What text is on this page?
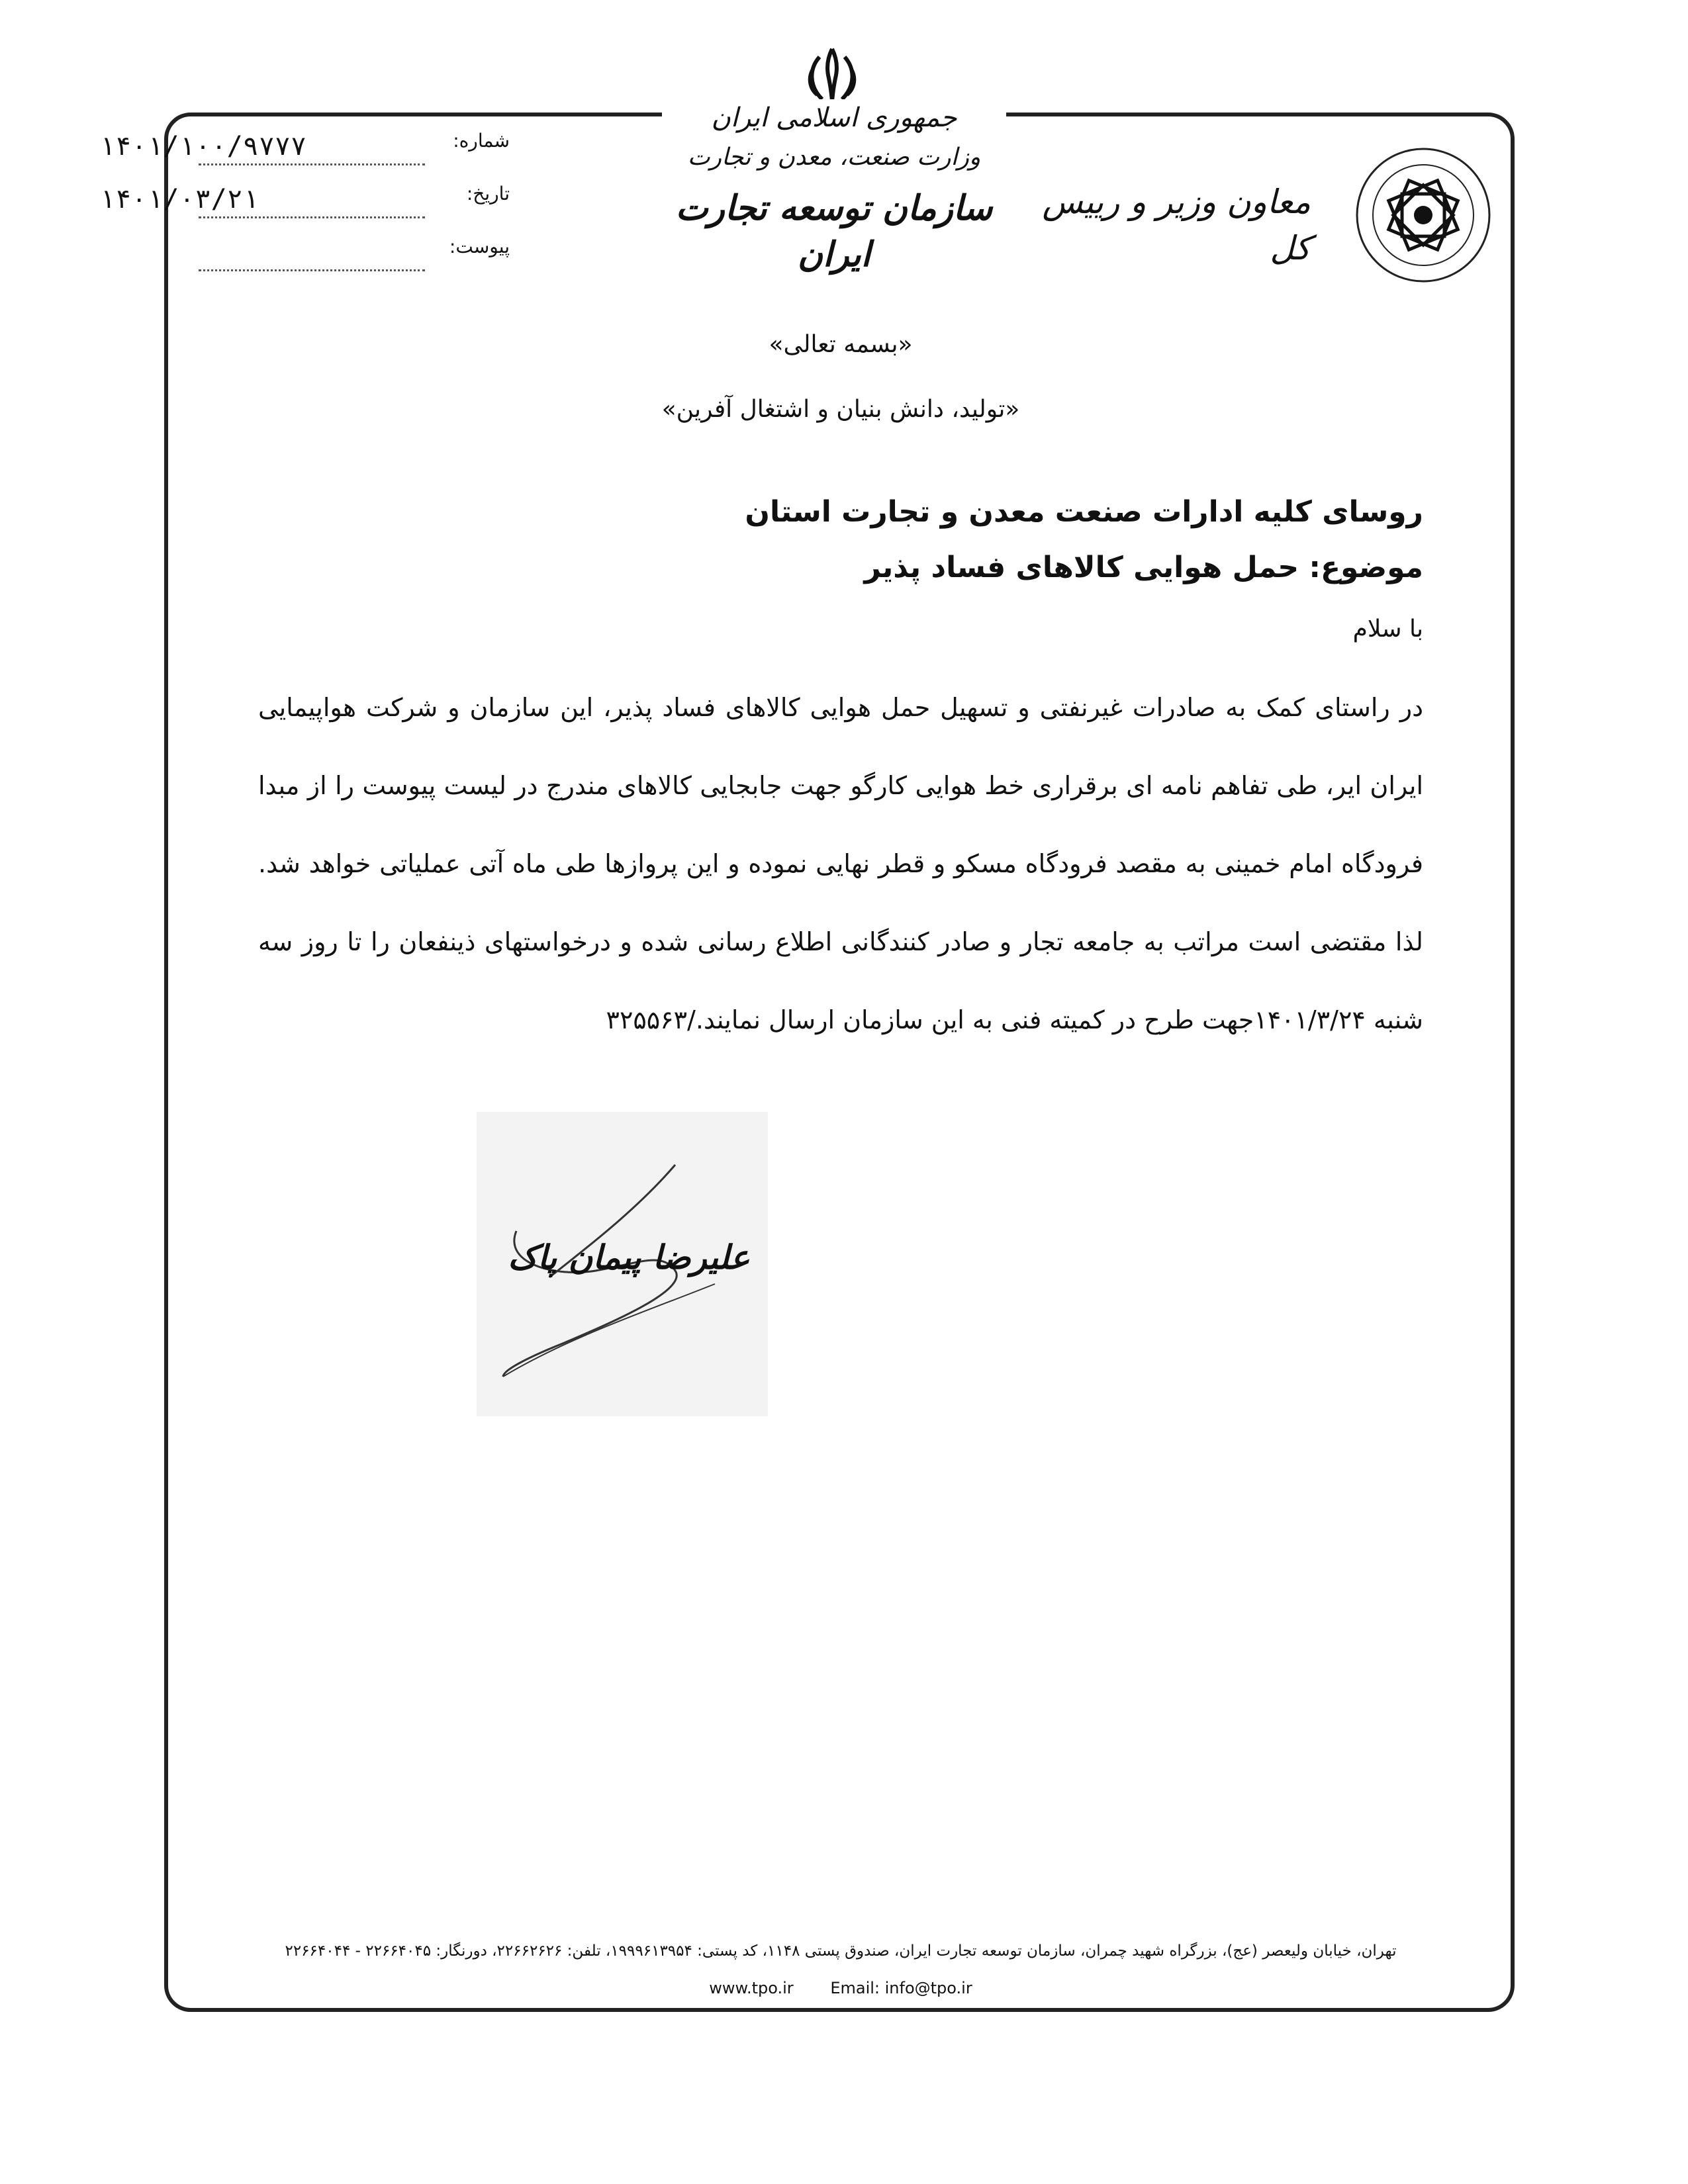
جمهوری اسلامی ایران
وزارت صنعت، معدن و تجارت
سازمان توسعه تجارت ایران
معاون وزیر و رییس کل
۱۴۰۱/۱۰۰/۹۷۷۷	شماره:
۱۴۰۱/۰۳/۲۱	تاریخ:
پیوست:
«بسمه تعالی»
«تولید، دانش بنیان و اشتغال آفرین»
روسای کلیه ادارات صنعت معدن و تجارت استان
موضوع: حمل هوایی کالاهای فساد پذیر
با سلام
در راستای کمک به صادرات غیرنفتی و تسهیل حمل هوایی کالاهای فساد پذیر، این سازمان و شرکت هواپیمایی ایران ایر، طی تفاهم نامه ای برقراری خط هوایی کارگو جهت جابجایی کالاهای مندرج در لیست پیوست را از مبدا فرودگاه امام خمینی به مقصد فرودگاه مسکو و قطر نهایی نموده و این پروازها طی ماه آتی عملیاتی خواهد شد. لذا مقتضی است مراتب به جامعه تجار و صادر کنندگانی اطلاع رسانی شده و درخواستهای ذینفعان را تا روز سه شنبه ۱۴۰۱/۳/۲۴جهت طرح در کمیته فنی به این سازمان ارسال نمایند./۳۲۵۵۶۳
علیرضا پیمان پاک
تهران، خیابان ولیعصر (عج)، بزرگراه شهید چمران، سازمان توسعه تجارت ایران، صندوق پستی ۱۱۴۸، کد پستی: ۱۹۹۹۶۱۳۹۵۴، تلفن: ۲۲۶۶۲۶۲۶، دورنگار: ۲۲۶۶۴۰۴۵ - ۲۲۶۶۴۰۴۴
www.tpo.ir Email: info@tpo.ir
